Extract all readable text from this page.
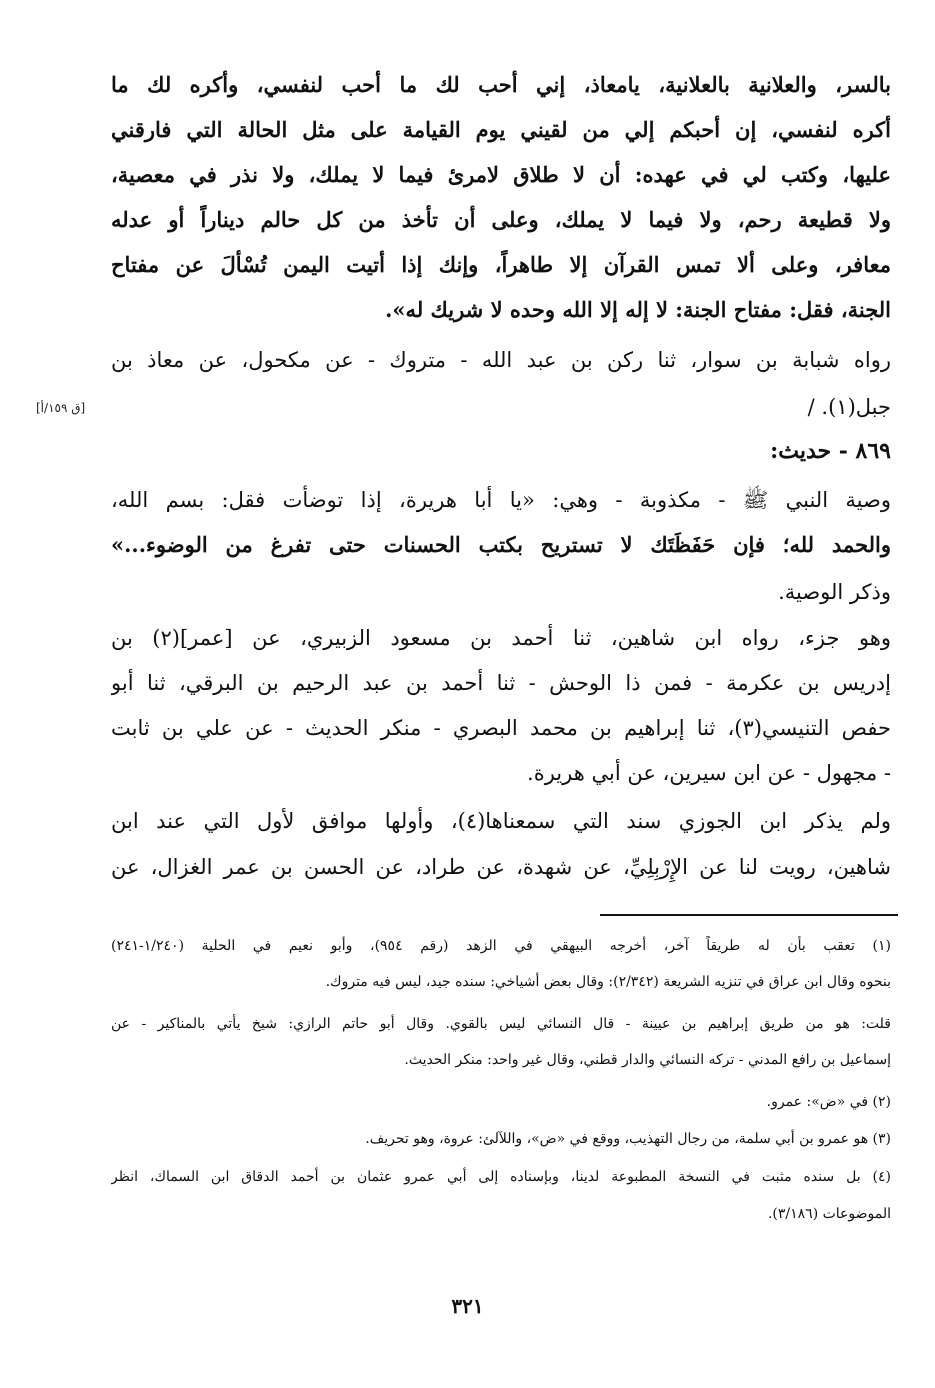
بالسر، والعلانية بالعلانية، يامعاذ، إني أحب لك ما أحب لنفسي، وأكره لك ما
أكره لنفسي، إن أحبكم إلي من لقيني يوم القيامة على مثل الحالة التي فارقني
عليها، وكتب لي في عهده: أن لا طلاق لامرئ فيما لا يملك، ولا نذر في معصية،
ولا قطيعة رحم، ولا فيما لا يملك، وعلى أن تأخذ من كل حالم ديناراً أو عدله
معافر، وعلى ألا تمس القرآن إلا طاهراً، وإنك إذا أتيت اليمن تُسْأَلَ عن مفتاح
الجنة، فقل: مفتاح الجنة: لا إله إلا الله وحده لا شريك له».
رواه شبابة بن سوار، ثنا ركن بن عبد الله - متروك - عن مكحول، عن معاذ بن
جبل(١). /
[ق ١٥٩/أ]
٨٦٩ - حديث:
وصية النبي ﷺ - مكذوبة - وهي: «يا أبا هريرة، إذا توضأت فقل: بسم الله،
والحمد لله؛ فإن حَفَظَتَك لا تستريح بكتب الحسنات حتى تفرغ من الوضوء...»
وذكر الوصية.
وهو جزء، رواه ابن شاهين، ثنا أحمد بن مسعود الزبيري، عن [عمر](٢) بن
إدريس بن عكرمة - فمن ذا الوحش - ثنا أحمد بن عبد الرحيم بن البرقي، ثنا أبو
حفص التنيسي(٣)، ثنا إبراهيم بن محمد البصري - منكر الحديث - عن علي بن ثابت
- مجهول - عن ابن سيرين، عن أبي هريرة.
ولم يذكر ابن الجوزي سند التي سمعناها(٤)، وأولها موافق لأول التي عند ابن
شاهين، رويت لنا عن الإِرْبِلِيِّ، عن شهدة، عن طراد، عن الحسن بن عمر الغزال، عن
(١) تعقب بأن له طريقاً آخر، أخرجه البيهقي في الزهد (رقم ٩٥٤)، وأبو نعيم في الحلية (١/٢٤٠-٢٤١)
بنحوه وقال ابن عراق في تنزيه الشريعة (٢/٣٤٢): وقال بعض أشياخي: سنده جيد، ليس فيه متروك.
قلت: هو من طريق إبراهيم بن عيينة - قال النسائي ليس بالقوي. وقال أبو حاتم الرازي: شيخ يأتي بالمناكير - عن
إسماعيل بن رافع المدني - تركه النسائي والدار قطني، وقال غير واحد: منكر الحديث.
(٢) في «ض»: عمرو.
(٣) هو عمرو بن أبي سلمة، من رجال التهذيب، ووقع في «ض»، واللآلئ: عروة، وهو تحريف.
(٤) بل سنده مثبت في النسخة المطبوعة لدينا، وبإسناده إلى أبي عمرو عثمان بن أحمد الدقاق ابن السماك، انظر
الموضوعات (٣/١٨٦).
٣٢١
